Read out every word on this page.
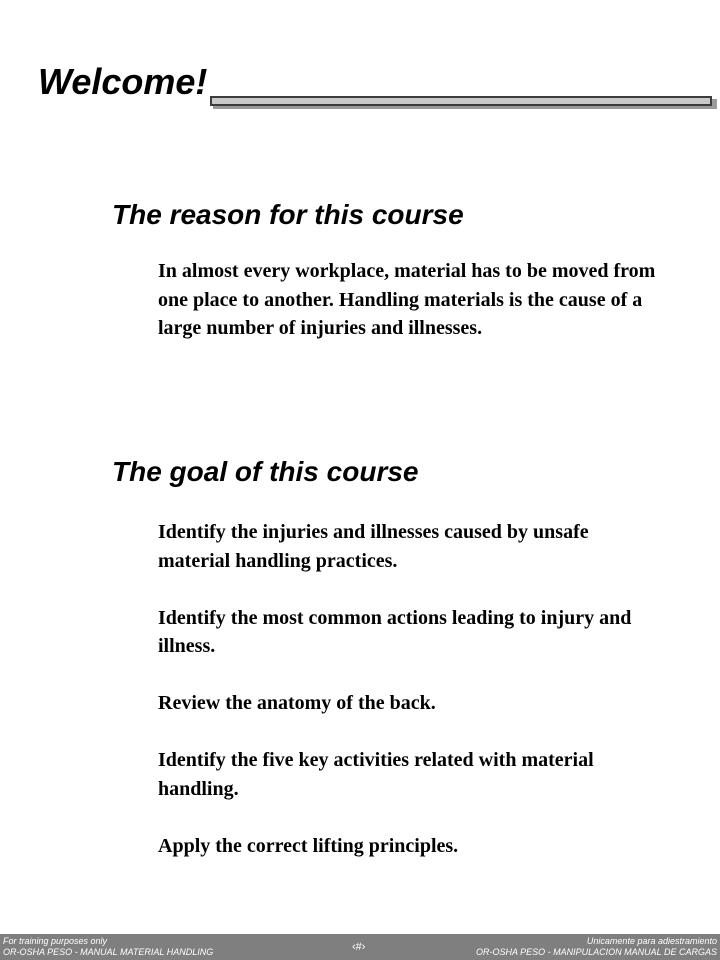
Welcome!
The reason for this course

In almost every workplace, material has to be moved from one place to another. Handling materials is the cause of a large number of injuries and illnesses.

The goal of this course
Identify the injuries and illnesses caused by unsafe material handling practices.
Identify the most common actions leading to injury and illness.
Review the anatomy of the back.
Identify the five key activities related with material handling.
Apply the correct lifting principles.
For training purposes only
OR-OSHA PESO - MANUAL MATERIAL HANDLING	‹#›	Unicamente para adiestramiento
OR-OSHA PESO - MANIPULACION MANUAL DE CARGAS
